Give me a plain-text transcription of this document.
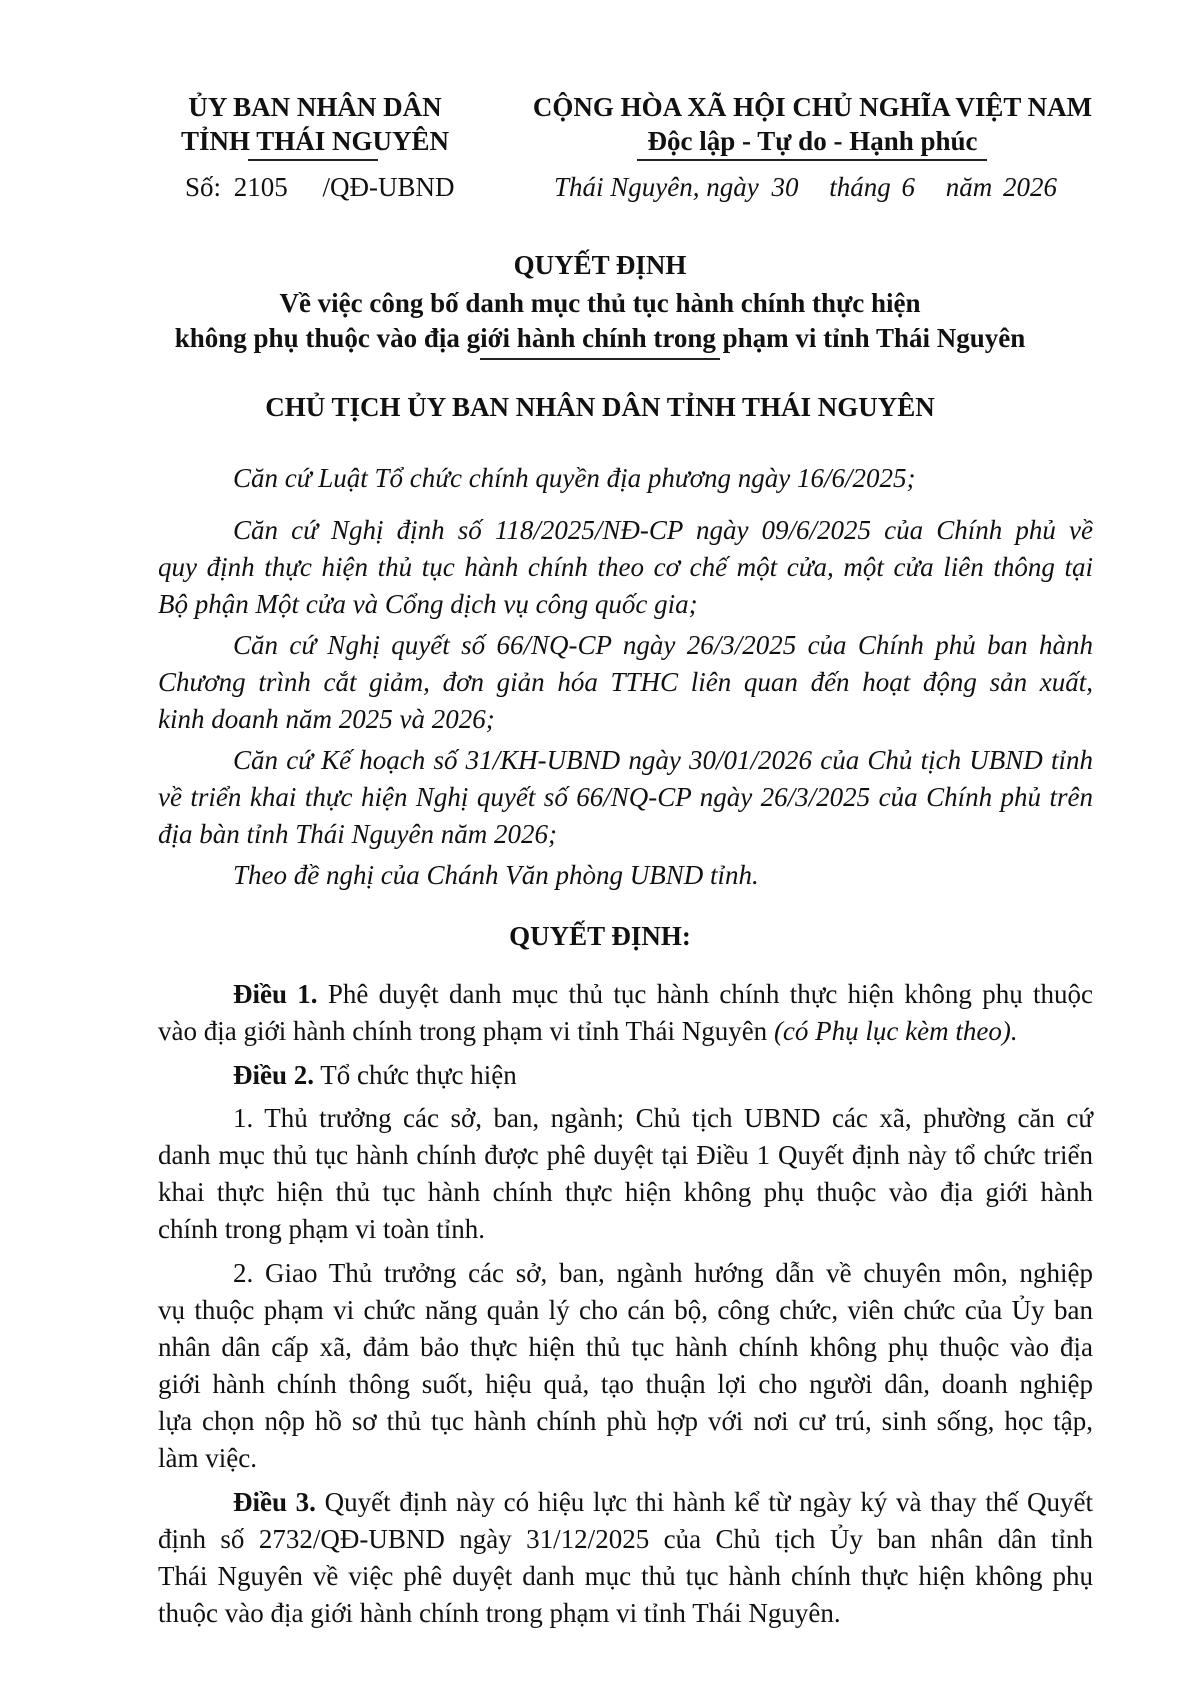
ỦY BAN NHÂN DÂN
TỈNH THÁI NGUYÊN
Số: 2105 /QĐ-UBND
CỘNG HÒA XÃ HỘI CHỦ NGHĨA VIỆT NAM
Độc lập - Tự do - Hạnh phúc
Thái Nguyên, ngày 30 tháng 6 năm 2026
QUYẾT ĐỊNH
Về việc công bố danh mục thủ tục hành chính thực hiện
không phụ thuộc vào địa giới hành chính trong phạm vi tỉnh Thái Nguyên
CHỦ TỊCH ỦY BAN NHÂN DÂN TỈNH THÁI NGUYÊN
Căn cứ Luật Tổ chức chính quyền địa phương ngày 16/6/2025;
Căn cứ Nghị định số 118/2025/NĐ-CP ngày 09/6/2025 của Chính phủ về
quy định thực hiện thủ tục hành chính theo cơ chế một cửa, một cửa liên thông tại
Bộ phận Một cửa và Cổng dịch vụ công quốc gia;
Căn cứ Nghị quyết số 66/NQ-CP ngày 26/3/2025 của Chính phủ ban hành
Chương trình cắt giảm, đơn giản hóa TTHC liên quan đến hoạt động sản xuất,
kinh doanh năm 2025 và 2026;
Căn cứ Kế hoạch số 31/KH-UBND ngày 30/01/2026 của Chủ tịch UBND tỉnh
về triển khai thực hiện Nghị quyết số 66/NQ-CP ngày 26/3/2025 của Chính phủ trên
địa bàn tỉnh Thái Nguyên năm 2026;
Theo đề nghị của Chánh Văn phòng UBND tỉnh.
QUYẾT ĐỊNH:
Điều 1. Phê duyệt danh mục thủ tục hành chính thực hiện không phụ thuộc
vào địa giới hành chính trong phạm vi tỉnh Thái Nguyên (có Phụ lục kèm theo).
Điều 2. Tổ chức thực hiện
1. Thủ trưởng các sở, ban, ngành; Chủ tịch UBND các xã, phường căn cứ
danh mục thủ tục hành chính được phê duyệt tại Điều 1 Quyết định này tổ chức triển
khai thực hiện thủ tục hành chính thực hiện không phụ thuộc vào địa giới hành
chính trong phạm vi toàn tỉnh.
2. Giao Thủ trưởng các sở, ban, ngành hướng dẫn về chuyên môn, nghiệp
vụ thuộc phạm vi chức năng quản lý cho cán bộ, công chức, viên chức của Ủy ban
nhân dân cấp xã, đảm bảo thực hiện thủ tục hành chính không phụ thuộc vào địa
giới hành chính thông suốt, hiệu quả, tạo thuận lợi cho người dân, doanh nghiệp
lựa chọn nộp hồ sơ thủ tục hành chính phù hợp với nơi cư trú, sinh sống, học tập,
làm việc.
Điều 3. Quyết định này có hiệu lực thi hành kể từ ngày ký và thay thế Quyết
định số 2732/QĐ-UBND ngày 31/12/2025 của Chủ tịch Ủy ban nhân dân tỉnh
Thái Nguyên về việc phê duyệt danh mục thủ tục hành chính thực hiện không phụ
thuộc vào địa giới hành chính trong phạm vi tỉnh Thái Nguyên.
